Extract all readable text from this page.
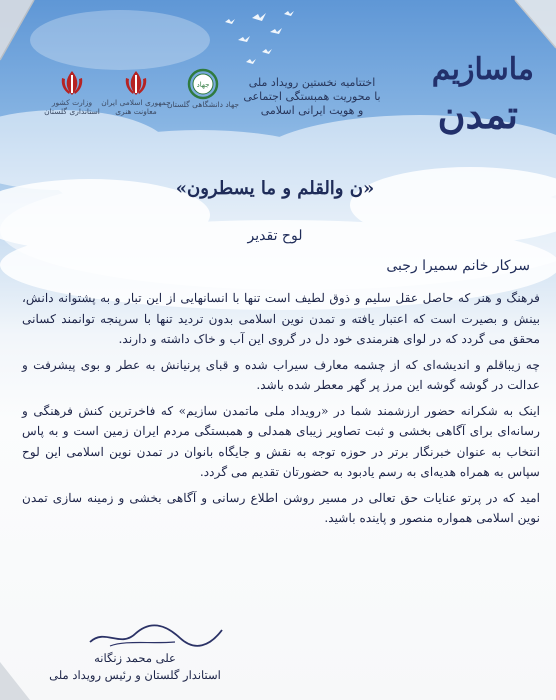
وزارت کشور
استانداری گلستان
جمهوری اسلامی ایران
معاونت هنری
جهاد
جهاد دانشگاهی گلستان
اختتامیه نخستین رویداد ملی
با محوریت همبستگی اجتماعی
و هویت ایرانی اسلامی
ماسازیم
تمدن
«ن والقلم و ما یسطرون»
لوح تقدیر
سرکار خانم سمیرا رجبی

فرهنگ و هنر که حاصل عقل سلیم و ذوق لطیف است تنها با انسانهایی از این تبار و به پشتوانه دانش، بینش و بصیرت است که اعتبار یافته و تمدن نوین اسلامی بدون تردید تنها با سرپنجه توانمند کسانی محقق می گردد که در لوای هنرمندی خود دل در گروی این آب و خاک داشته و دارند.

چه زیباقلم و اندیشه‌ای که از چشمه معارف سیراب شده و قبای پرنیانش به عطر و بوی پیشرفت و عدالت در گوشه گوشه این مرز پر گهر معطر شده باشد.

اینک به شکرانه حضور ارزشمند شما در «رویداد ملی ماتمدن سازیم» که فاخرترین کنش فرهنگی و رسانه‌ای برای آگاهی بخشی و ثبت تصاویر زیبای همدلی و همبستگی مردم ایران زمین است و به پاس انتخاب به عنوان خبرنگار برتر در حوزه توجه به نقش و جایگاه بانوان در تمدن نوین اسلامی این لوح سپاس به همراه هدیه‌ای به رسم یادبود به حضورتان تقدیم می گردد.

امید که در پرتو عنایات حق تعالی در مسیر روشن اطلاع رسانی و آگاهی بخشی و زمینه سازی تمدن نوین اسلامی همواره منصور و پاینده باشید.

علی محمد زنگانه
استاندار گلستان و رئیس رویداد ملی
